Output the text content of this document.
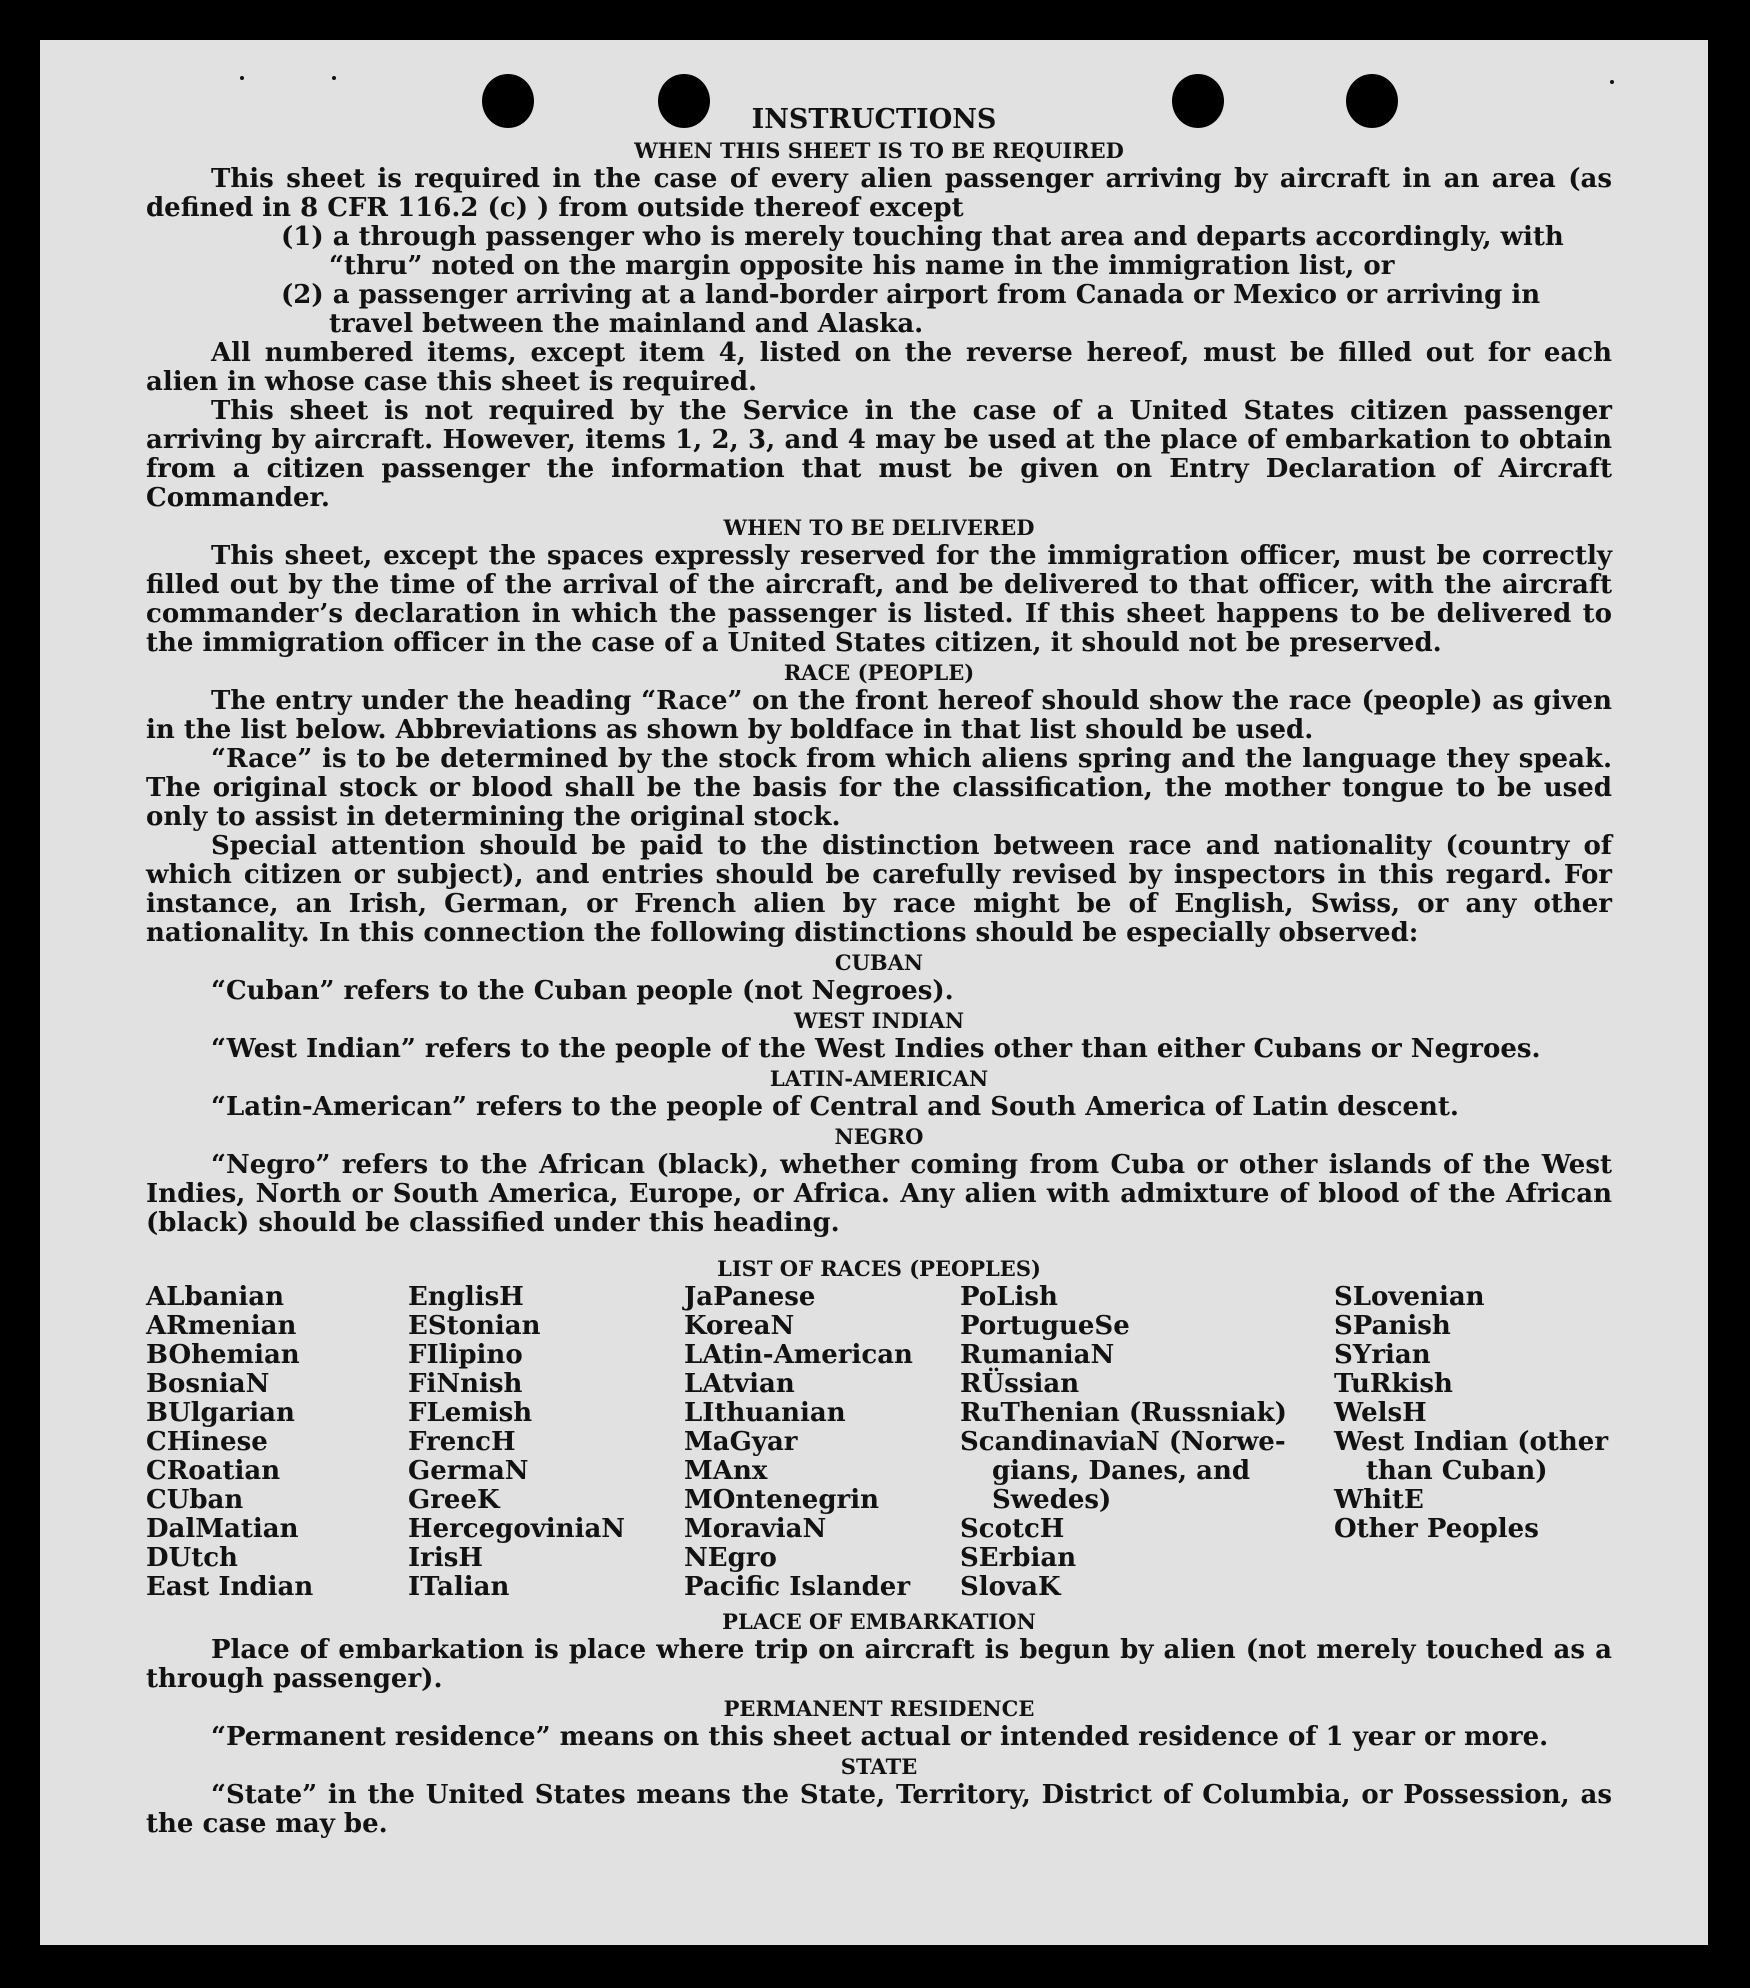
INSTRUCTIONS
WHEN THIS SHEET IS TO BE REQUIRED

This sheet is required in the case of every alien passenger arriving by aircraft in an area (as defined in 8 CFR 116.2 (c) ) from outside thereof except

(1) a through passenger who is merely touching that area and departs accordingly, with “thru” noted on the margin opposite his name in the immigration list, or

(2) a passenger arriving at a land-border airport from Canada or Mexico or arriving in travel between the mainland and Alaska.

All numbered items, except item 4, listed on the reverse hereof, must be filled out for each alien in whose case this sheet is required.

This sheet is not required by the Service in the case of a United States citizen passenger arriving by aircraft. However, items 1, 2, 3, and 4 may be used at the place of embarkation to obtain from a citizen passenger the information that must be given on Entry Declaration of Aircraft Commander.

WHEN TO BE DELIVERED

This sheet, except the spaces expressly reserved for the immigration officer, must be correctly filled out by the time of the arrival of the aircraft, and be delivered to that officer, with the aircraft commander’s declaration in which the passenger is listed. If this sheet happens to be delivered to the immigration officer in the case of a United States citizen, it should not be preserved.

RACE (PEOPLE)

The entry under the heading “Race” on the front hereof should show the race (people) as given in the list below. Abbreviations as shown by boldface in that list should be used.

“Race” is to be determined by the stock from which aliens spring and the language they speak. The original stock or blood shall be the basis for the classification, the mother tongue to be used only to assist in determining the original stock.

Special attention should be paid to the distinction between race and nationality (country of which citizen or subject), and entries should be carefully revised by inspectors in this regard. For instance, an Irish, German, or French alien by race might be of English, Swiss, or any other nationality. In this connection the following distinctions should be especially observed:

CUBAN

“Cuban” refers to the Cuban people (not Negroes).

WEST INDIAN

“West Indian” refers to the people of the West Indies other than either Cubans or Negroes.

LATIN-AMERICAN

“Latin-American” refers to the people of Central and South America of Latin descent.

NEGRO

“Negro” refers to the African (black), whether coming from Cuba or other islands of the West Indies, North or South America, Europe, or Africa. Any alien with admixture of blood of the African (black) should be classified under this heading.

LIST OF RACES (PEOPLES)
ALbanian
ARmenian
BOhemian
BosniaN
BUlgarian
CHinese
CRoatian
CUban
DalMatian
DUtch
East Indian
EnglisH
EStonian
FIlipino
FiNnish
FLemish
FrencH
GermaN
GreeK
HercegoviniaN
IrisH
ITalian
JaPanese
KoreaN
LAtin-American
LAtvian
LIthuanian
MaGyar
MAnx
MOntenegrin
MoraviaN
NEgro
Pacific Islander
PoLish
PortugueSe
RumaniaN
RÜssian
RuThenian (Russniak)
ScandinaviaN (Norwe-
gians, Danes, and
Swedes)
ScotcH
SErbian
SlovaK
SLovenian
SPanish
SYrian
TuRkish
WelsH
West Indian (other
than Cuban)
WhitE
Other Peoples
PLACE OF EMBARKATION

Place of embarkation is place where trip on aircraft is begun by alien (not merely touched as a through passenger).

PERMANENT RESIDENCE

“Permanent residence” means on this sheet actual or intended residence of 1 year or more.

STATE

“State” in the United States means the State, Territory, District of Columbia, or Possession, as the case may be.
